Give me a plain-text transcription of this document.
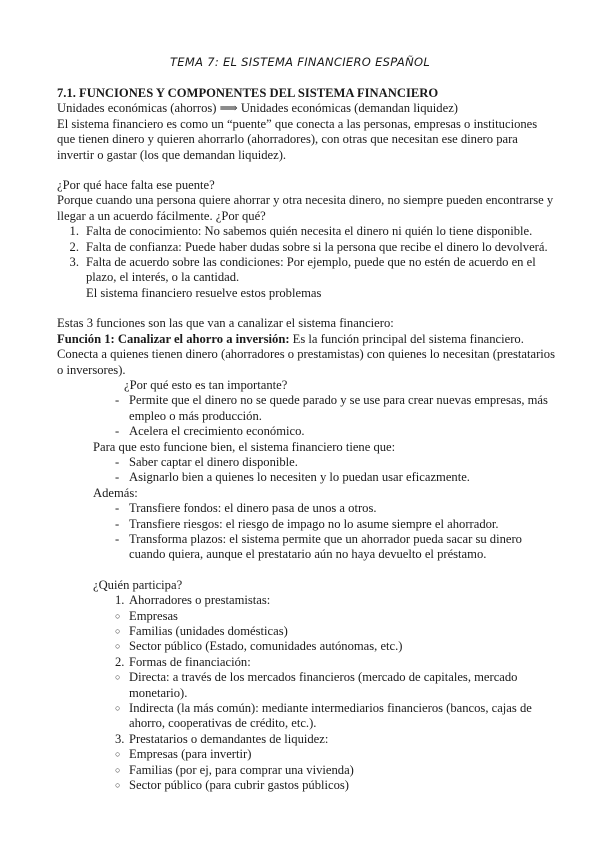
TEMA 7: EL SISTEMA FINANCIERO ESPAÑOL

7.1. FUNCIONES Y COMPONENTES DEL SISTEMA FINANCIERO

Unidades económicas (ahorros) ⟹ Unidades económicas (demandan liquidez)

El sistema financiero es como un “puente” que conecta a las personas, empresas o instituciones que tienen dinero y quieren ahorrarlo (ahorradores), con otras que necesitan ese dinero para invertir o gastar (los que demandan liquidez).

¿Por qué hace falta ese puente?

Porque cuando una persona quiere ahorrar y otra necesita dinero, no siempre pueden encontrarse y llegar a un acuerdo fácilmente. ¿Por qué?

1. Falta de conocimiento: No sabemos quién necesita el dinero ni quién lo tiene disponible.
2. Falta de confianza: Puede haber dudas sobre si la persona que recibe el dinero lo devolverá.
3. Falta de acuerdo sobre las condiciones: Por ejemplo, puede que no estén de acuerdo en el plazo, el interés, o la cantidad.

El sistema financiero resuelve estos problemas

Estas 3 funciones son las que van a canalizar el sistema financiero:

Función 1: Canalizar el ahorro a inversión: Es la función principal del sistema financiero. Conecta a quienes tienen dinero (ahorradores o prestamistas) con quienes lo necesitan (prestatarios o inversores).

¿Por qué esto es tan importante?

- Permite que el dinero no se quede parado y se use para crear nuevas empresas, más empleo o más producción.
- Acelera el crecimiento económico.

Para que esto funcione bien, el sistema financiero tiene que:

- Saber captar el dinero disponible.
- Asignarlo bien a quienes lo necesiten y lo puedan usar eficazmente.

Además:

- Transfiere fondos: el dinero pasa de unos a otros.
- Transfiere riesgos: el riesgo de impago no lo asume siempre el ahorrador.
- Transforma plazos: el sistema permite que un ahorrador pueda sacar su dinero cuando quiera, aunque el prestatario aún no haya devuelto el préstamo.

¿Quién participa?

1. Ahorradores o prestamistas:
○ Empresas
○ Familias (unidades domésticas)
○ Sector público (Estado, comunidades autónomas, etc.)
2. Formas de financiación:
○ Directa: a través de los mercados financieros (mercado de capitales, mercado monetario).
○ Indirecta (la más común): mediante intermediarios financieros (bancos, cajas de ahorro, cooperativas de crédito, etc.).
3. Prestatarios o demandantes de liquidez:
○ Empresas (para invertir)
○ Familias (por ej, para comprar una vivienda)
○ Sector público (para cubrir gastos públicos)
